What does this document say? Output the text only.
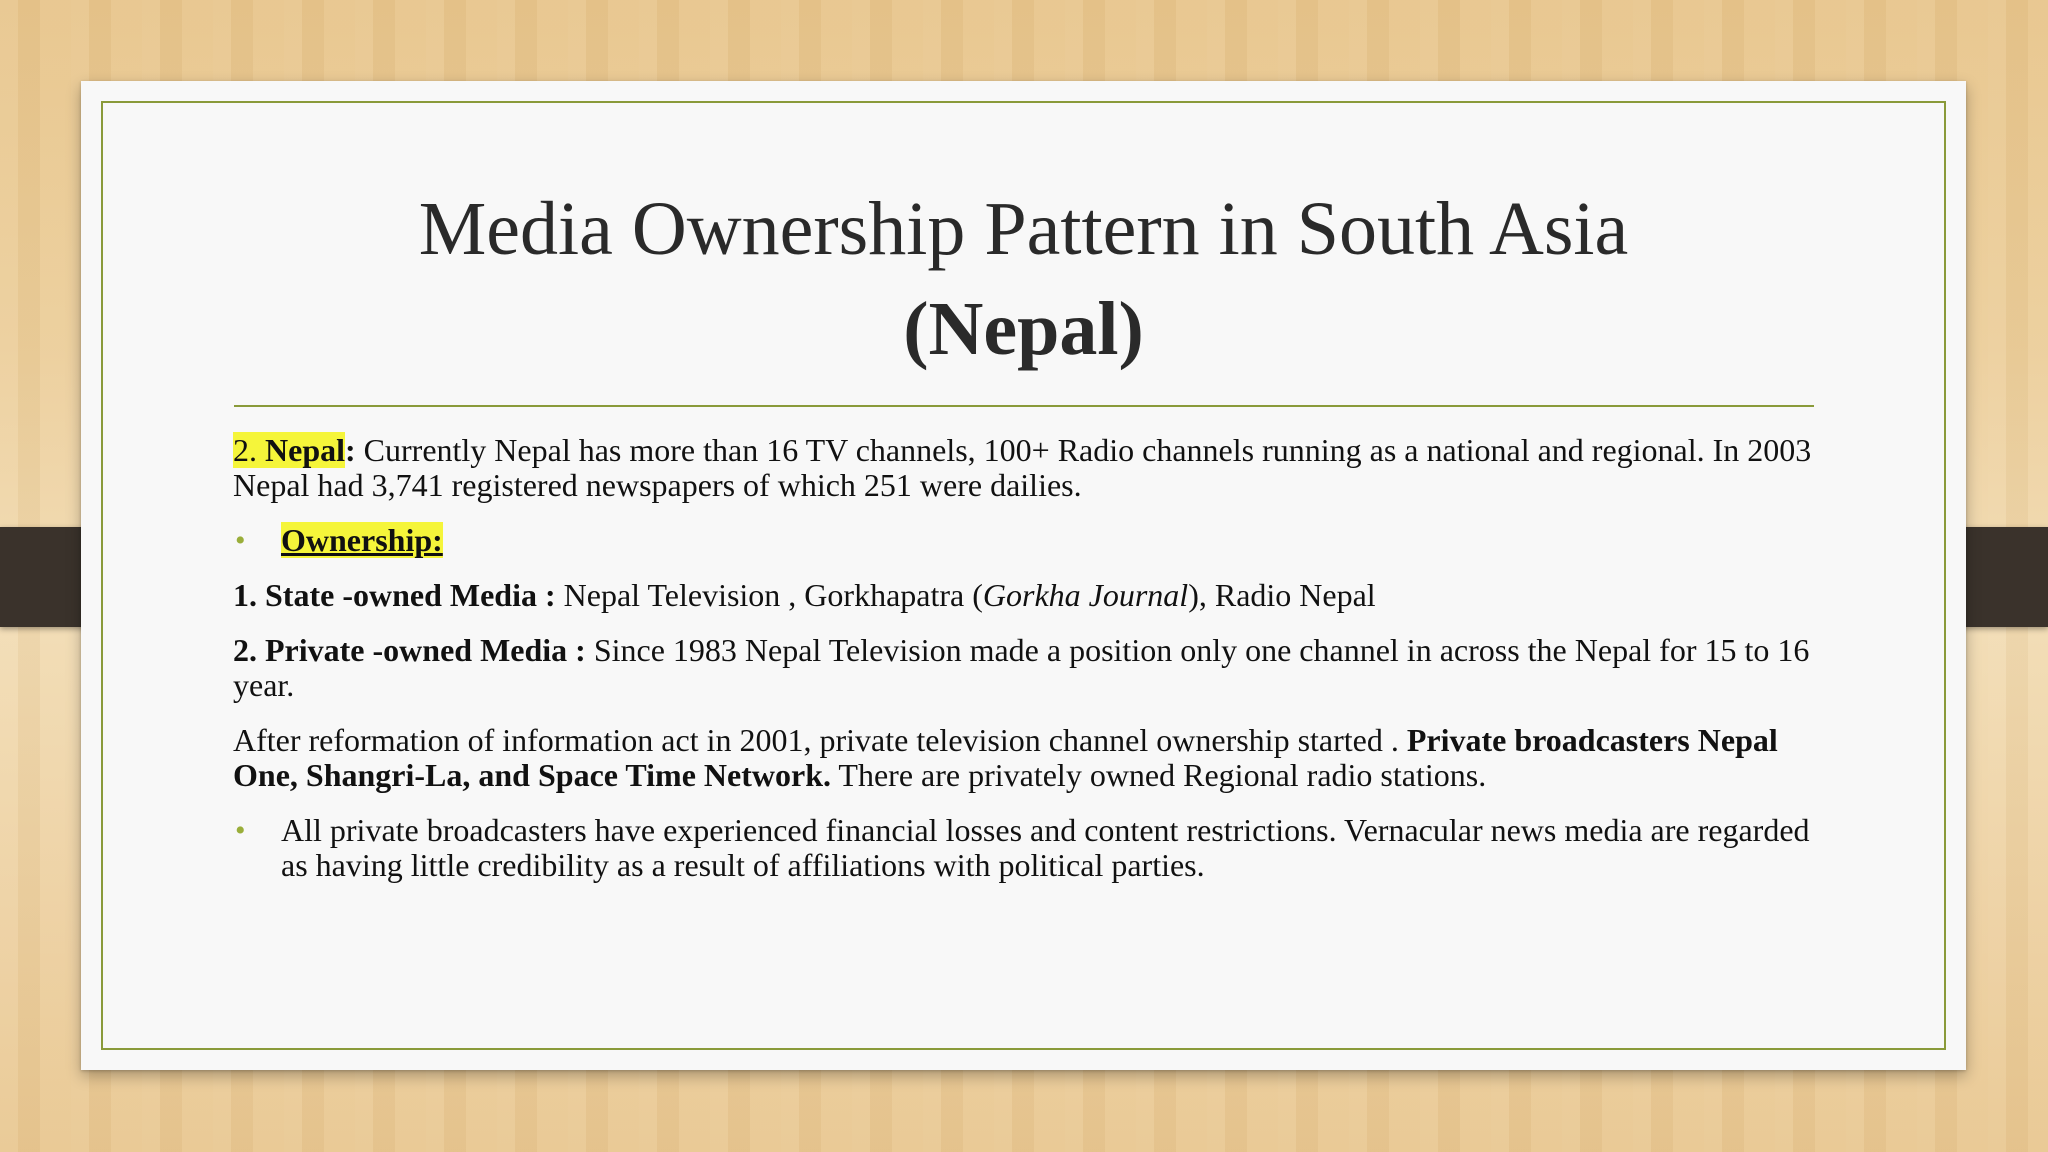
Media Ownership Pattern in South Asia
(Nepal)

2. Nepal: Currently Nepal has more than 16 TV channels, 100+ Radio channels running as a national and regional. In 2003 Nepal had 3,741 registered newspapers of which 251 were dailies.

• Ownership:

1. State -owned Media : Nepal Television , Gorkhapatra (Gorkha Journal), Radio Nepal

2. Private -owned Media : Since 1983 Nepal Television made a position only one channel in across the Nepal for 15 to 16 year.

After reformation of information act in 2001, private television channel ownership started . Private broadcasters Nepal One, Shangri-La, and Space Time Network. There are privately owned Regional radio stations.

• All private broadcasters have experienced financial losses and content restrictions. Vernacular news media are regarded as having little credibility as a result of affiliations with political parties.
